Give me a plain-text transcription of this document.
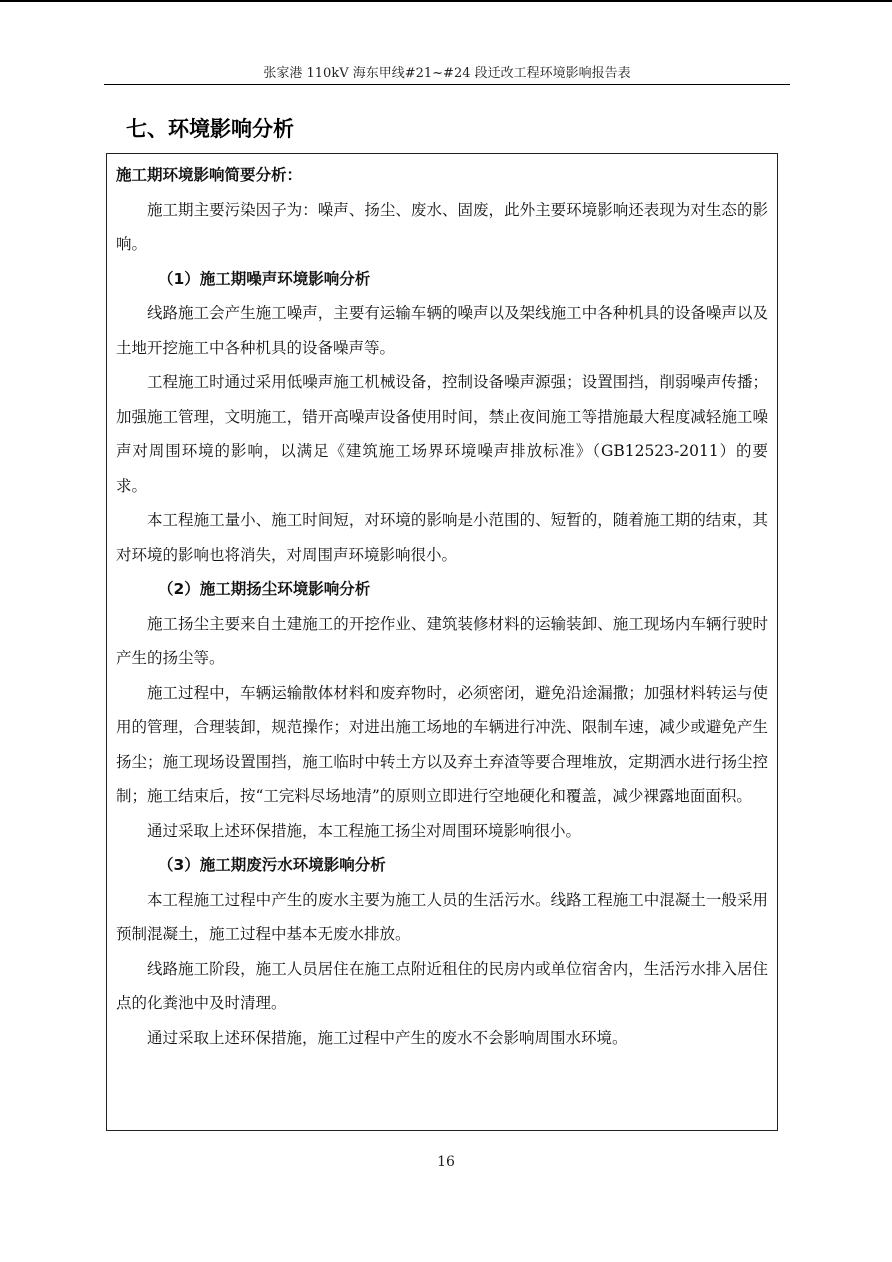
张家港 110kV 海东甲线#21~#24 段迁改工程环境影响报告表
七、环境影响分析

施工期环境影响简要分析：

施工期主要污染因子为：噪声、扬尘、废水、固废，此外主要环境影响还表现为对生态的影响。

（1）施工期噪声环境影响分析

线路施工会产生施工噪声，主要有运输车辆的噪声以及架线施工中各种机具的设备噪声以及土地开挖施工中各种机具的设备噪声等。

工程施工时通过采用低噪声施工机械设备，控制设备噪声源强；设置围挡，削弱噪声传播；加强施工管理，文明施工，错开高噪声设备使用时间，禁止夜间施工等措施最大程度减轻施工噪声对周围环境的影响，以满足《建筑施工场界环境噪声排放标准》（GB12523-2011）的要求。

本工程施工量小、施工时间短，对环境的影响是小范围的、短暂的，随着施工期的结束，其对环境的影响也将消失，对周围声环境影响很小。

（2）施工期扬尘环境影响分析

施工扬尘主要来自土建施工的开挖作业、建筑装修材料的运输装卸、施工现场内车辆行驶时产生的扬尘等。

施工过程中，车辆运输散体材料和废弃物时，必须密闭，避免沿途漏撒；加强材料转运与使用的管理，合理装卸，规范操作；对进出施工场地的车辆进行冲洗、限制车速，减少或避免产生扬尘；施工现场设置围挡，施工临时中转土方以及弃土弃渣等要合理堆放，定期洒水进行扬尘控制；施工结束后，按“工完料尽场地清”的原则立即进行空地硬化和覆盖，减少裸露地面面积。

通过采取上述环保措施，本工程施工扬尘对周围环境影响很小。

（3）施工期废污水环境影响分析

本工程施工过程中产生的废水主要为施工人员的生活污水。线路工程施工中混凝土一般采用预制混凝土，施工过程中基本无废水排放。

线路施工阶段，施工人员居住在施工点附近租住的民房内或单位宿舍内，生活污水排入居住点的化粪池中及时清理。

通过采取上述环保措施，施工过程中产生的废水不会影响周围水环境。

16
